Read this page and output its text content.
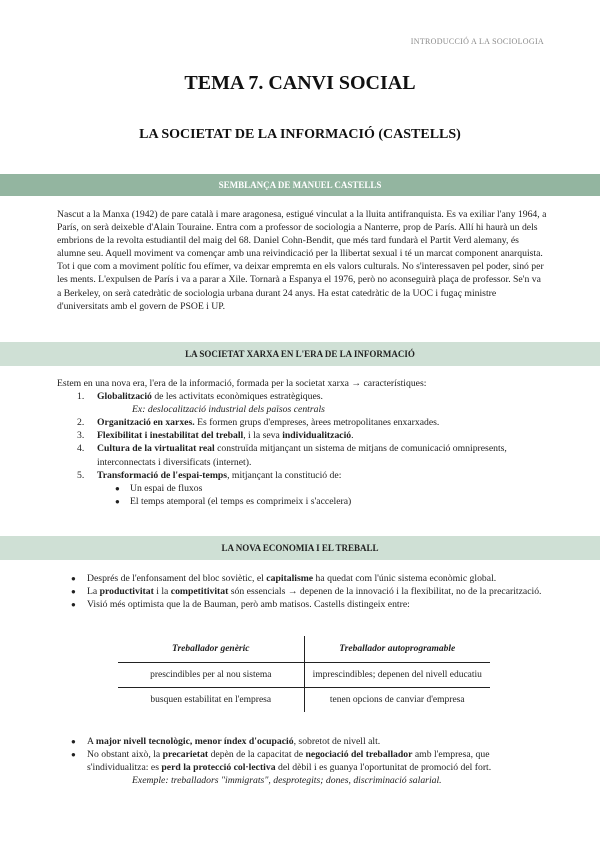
INTRODUCCIÓ A LA SOCIOLOGIA
TEMA 7. CANVI SOCIAL
LA SOCIETAT DE LA INFORMACIÓ (CASTELLS)
SEMBLANÇA DE MANUEL CASTELLS
Nascut a la Manxa (1942) de pare català i mare aragonesa, estigué vinculat a la lluita antifranquista. Es va exiliar l'any 1964, a París, on serà deixeble d'Alain Touraine. Entra com a professor de sociologia a Nanterre, prop de París. Allí hi haurà un dels embrions de la revolta estudiantil del maig del 68. Daniel Cohn-Bendit, que més tard fundarà el Partit Verd alemany, és alumne seu. Aquell moviment va començar amb una reivindicació per la llibertat sexual i té un marcat component anarquista. Tot i que com a moviment polític fou efímer, va deixar empremta en els valors culturals. No s'interessaven pel poder, sinó per les ments. L'expulsen de París i va a parar a Xile. Tornarà a Espanya el 1976, però no aconseguirà plaça de professor. Se'n va a Berkeley, on serà catedràtic de sociologia urbana durant 24 anys. Ha estat catedràtic de la UOC i fugaç ministre d'universitats amb el govern de PSOE i UP.
LA SOCIETAT XARXA EN L'ERA DE LA INFORMACIÓ
Estem en una nova era, l'era de la informació, formada per la societat xarxa → característiques:
1. Globalització de les activitats econòmiques estratègiques.
Ex: deslocalització industrial dels països centrals
2. Organització en xarxes. Es formen grups d'empreses, àrees metropolitanes enxarxades.
3. Flexibilitat i inestabilitat del treball, i la seva individualització.
4. Cultura de la virtualitat real construïda mitjançant un sistema de mitjans de comunicació omnipresents, interconnectats i diversificats (internet).
5. Transformació de l'espai-temps, mitjançant la constitució de:
● Un espai de fluxos
● El temps atemporal (el temps es comprimeix i s'accelera)
LA NOVA ECONOMIA I EL TREBALL
● Després de l'enfonsament del bloc soviètic, el capitalisme ha quedat com l'únic sistema econòmic global.
● La productivitat i la competitivitat són essencials → depenen de la innovació i la flexibilitat, no de la precarització.
● Visió més optimista que la de Bauman, però amb matisos. Castells distingeix entre:
Treballador genèric	Treballador autoprogramable
prescindibles per al nou sistema	imprescindibles; depenen del nivell educatiu
busquen estabilitat en l'empresa	tenen opcions de canviar d'empresa
● A major nivell tecnològic, menor índex d'ocupació, sobretot de nivell alt.
● No obstant això, la precarietat depèn de la capacitat de negociació del treballador amb l'empresa, que s'individualitza: es perd la protecció col·lectiva del dèbil i es guanya l'oportunitat de promoció del fort.
Exemple: treballadors "immigrats", desprotegits; dones, discriminació salarial.
